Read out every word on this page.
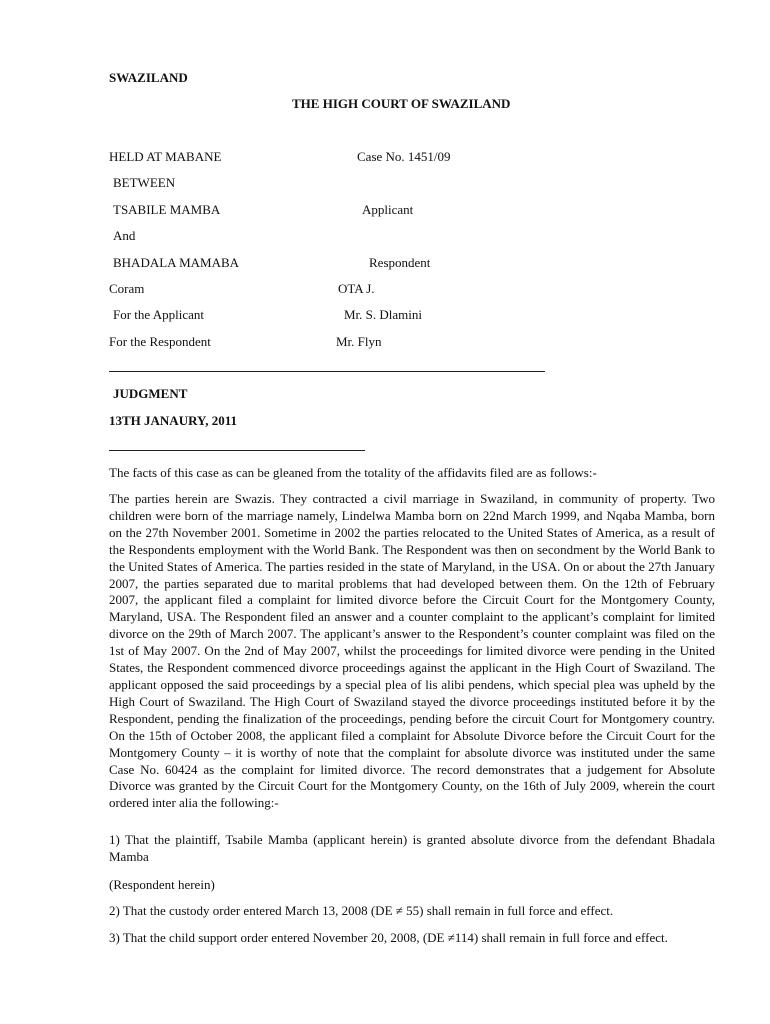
SWAZILAND
THE HIGH COURT OF SWAZILAND
HELD AT MABANE	Case No. 1451/09
BETWEEN
TSABILE MAMBA	Applicant
And
BHADALA MAMABA	Respondent
Coram	OTA J.
For the Applicant	Mr. S. Dlamini
For the Respondent	Mr. Flyn
JUDGMENT
13TH JANAURY, 2011
The facts of this case as can be gleaned from the totality of the affidavits filed are as follows:-
The parties herein are Swazis. They contracted a civil marriage in Swaziland, in community of property. Two children were born of the marriage namely, Lindelwa Mamba born on 22nd March 1999, and Nqaba Mamba, born on the 27th November 2001. Sometime in 2002 the parties relocated to the United States of America, as a result of the Respondents employment with the World Bank. The Respondent was then on secondment by the World Bank to the United States of America. The parties resided in the state of Maryland, in the USA. On or about the 27th January 2007, the parties separated due to marital problems that had developed between them. On the 12th of February 2007, the applicant filed a complaint for limited divorce before the Circuit Court for the Montgomery County, Maryland, USA. The Respondent filed an answer and a counter complaint to the applicant’s complaint for limited divorce on the 29th of March 2007. The applicant’s answer to the Respondent’s counter complaint was filed on the 1st of May 2007. On the 2nd of May 2007, whilst the proceedings for limited divorce were pending in the United States, the Respondent commenced divorce proceedings against the applicant in the High Court of Swaziland. The applicant opposed the said proceedings by a special plea of lis alibi pendens, which special plea was upheld by the High Court of Swaziland. The High Court of Swaziland stayed the divorce proceedings instituted before it by the Respondent, pending the finalization of the proceedings, pending before the circuit Court for Montgomery country. On the 15th of October 2008, the applicant filed a complaint for Absolute Divorce before the Circuit Court for the Montgomery County – it is worthy of note that the complaint for absolute divorce was instituted under the same Case No. 60424 as the complaint for limited divorce. The record demonstrates that a judgement for Absolute Divorce was granted by the Circuit Court for the Montgomery County, on the 16th of July 2009, wherein the court ordered inter alia the following:-
1) That the plaintiff, Tsabile Mamba (applicant herein) is granted absolute divorce from the defendant Bhadala Mamba
(Respondent herein)
2) That the custody order entered March 13, 2008 (DE ≠ 55) shall remain in full force and effect.
3) That the child support order entered November 20, 2008, (DE ≠114) shall remain in full force and effect.
